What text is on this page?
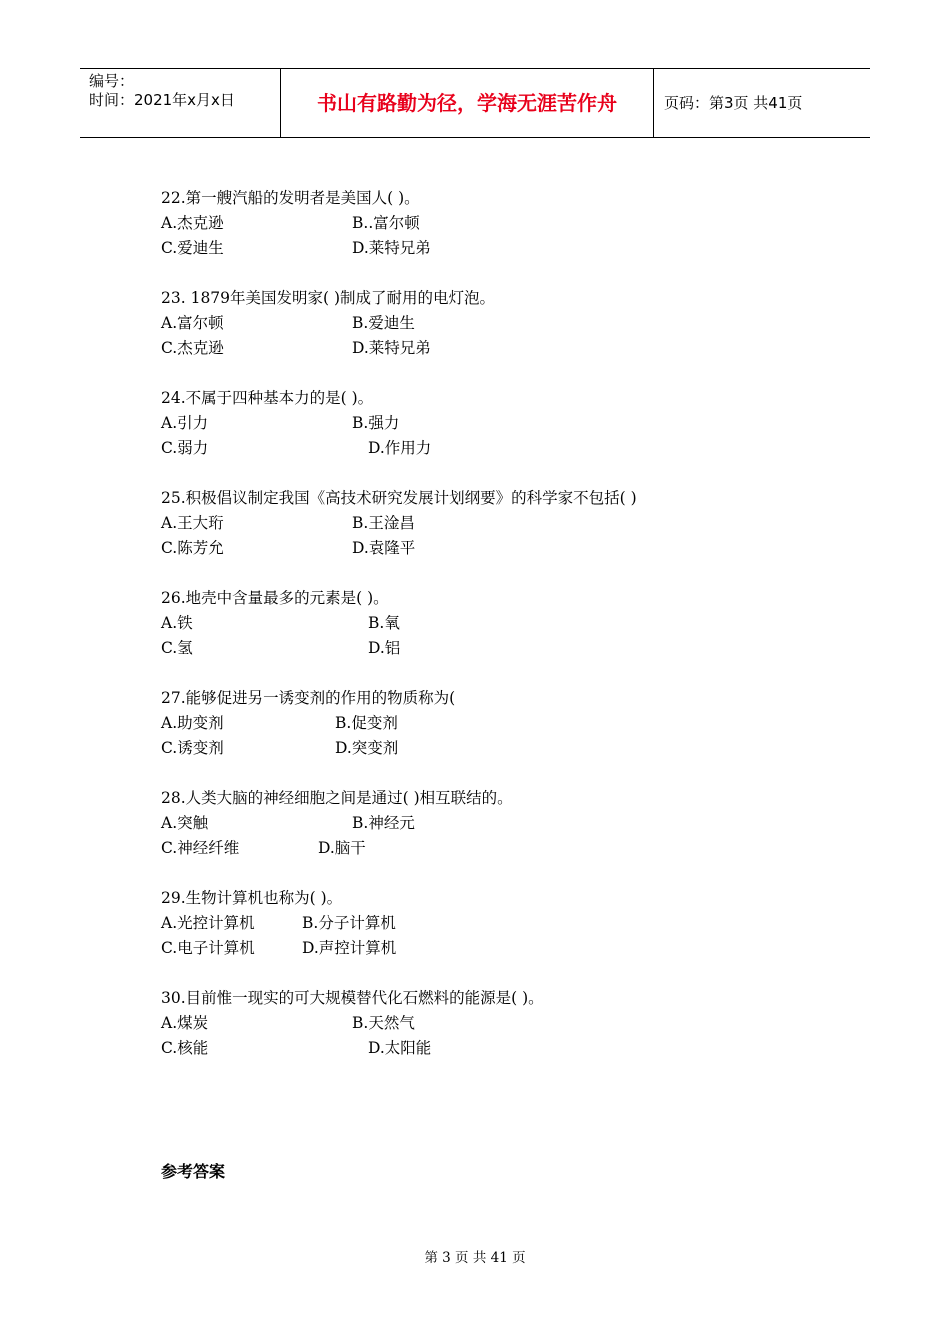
编号：
时间：2021年x月x日	书山有路勤为径，学海无涯苦作舟	页码：第3页 共41页
22.第一艘汽船的发明者是美国人( )。
A.杰克逊	B..富尔顿
C.爱迪生	D.莱特兄弟
23. 1879年美国发明家( )制成了耐用的电灯泡。
A.富尔顿	B.爱迪生
C.杰克逊	D.莱特兄弟
24.不属于四种基本力的是( )。
A.引力	B.强力
C.弱力	D.作用力
25.积极倡议制定我国《高技术研究发展计划纲要》的科学家不包括( )
A.王大珩	B.王淦昌
C.陈芳允	D.袁隆平
26.地壳中含量最多的元素是( )。
A.铁	B.氧
C.氢	D.铝
27.能够促进另一诱变剂的作用的物质称为(
A.助变剂	B.促变剂
C.诱变剂	D.突变剂
28.人类大脑的神经细胞之间是通过( )相互联结的。
A.突触	B.神经元
C.神经纤维	D.脑干
29.生物计算机也称为( )。
A.光控计算机	B.分子计算机
C.电子计算机	D.声控计算机
30.目前惟一现实的可大规模替代化石燃料的能源是( )。
A.煤炭	B.天然气
C.核能	D.太阳能
参考答案
第 3 页 共 41 页
